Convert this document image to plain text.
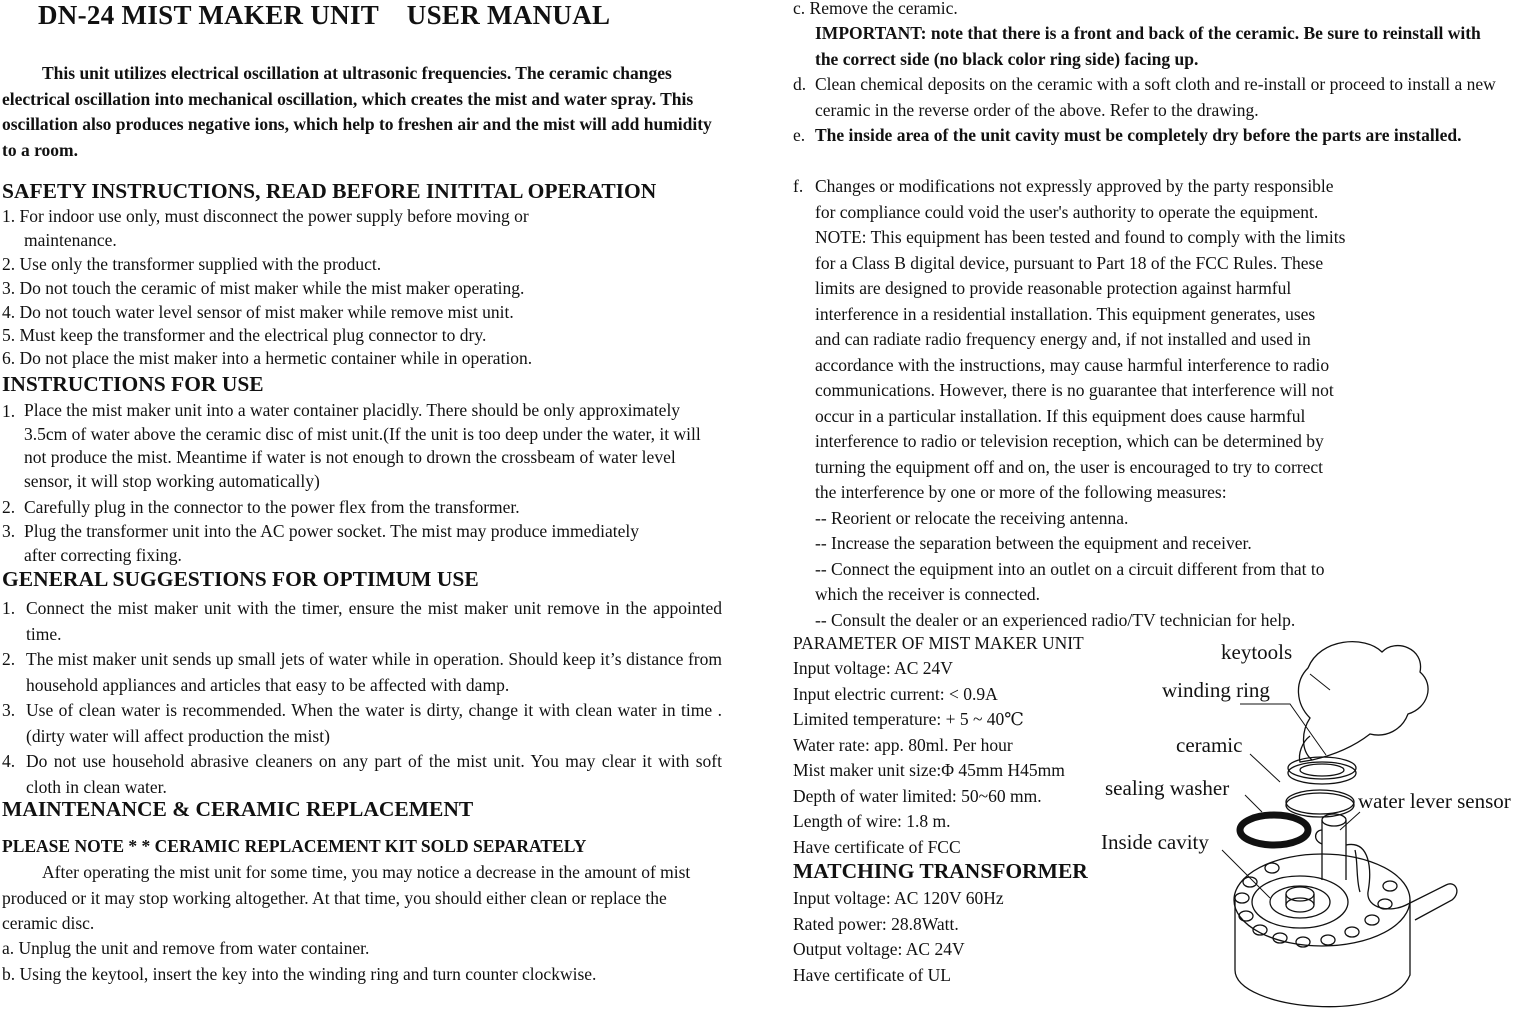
DN-24 MIST MAKER UNIT    USER MANUAL
This unit utilizes electrical oscillation at ultrasonic frequencies. The ceramic changes electrical oscillation into mechanical oscillation, which creates the mist and water spray. This oscillation also produces negative ions, which help to freshen air and the mist will add humidity to a room.
SAFETY INSTRUCTIONS, READ BEFORE INITITAL OPERATION
1. For indoor use only, must disconnect the power supply before moving or
maintenance.
2. Use only the transformer supplied with the product.
3. Do not touch the ceramic of mist maker while the mist maker operating.
4. Do not touch water level sensor of mist maker while remove mist unit.
5. Must keep the transformer and the electrical plug connector to dry.
6. Do not place the mist maker into a hermetic container while in operation.
INSTRUCTIONS FOR USE
1. Place the mist maker unit into a water container placidly. There should be only approximately 3.5cm of water above the ceramic disc of mist unit.(If the unit is too deep under the water, it will not produce the mist. Meantime if water is not enough to drown the crossbeam of water level sensor, it will stop working automatically)
2. Carefully plug in the connector to the power flex from the transformer.
3. Plug the transformer unit into the AC power socket. The mist may produce immediately after correcting fixing.
GENERAL SUGGESTIONS FOR OPTIMUM USE
1. Connect the mist maker unit with the timer, ensure the mist maker unit remove in the appointed time.
2. The mist maker unit sends up small jets of water while in operation. Should keep it’s distance from household appliances and articles that easy to be affected with damp.
3. Use of clean water is recommended. When the water is dirty, change it with clean water in time .(dirty water will affect production the mist)
4. Do not use household abrasive cleaners on any part of the mist unit. You may clear it with soft cloth in clean water.
MAINTENANCE & CERAMIC REPLACEMENT
PLEASE NOTE * * CERAMIC REPLACEMENT KIT SOLD SEPARATELY
After operating the mist unit for some time, you may notice a decrease in the amount of mist produced or it may stop working altogether. At that time, you should either clean or replace the ceramic disc.
a. Unplug the unit and remove from water container.
b. Using the keytool, insert the key into the winding ring and turn counter clockwise.
c. Remove the ceramic.
IMPORTANT: note that there is a front and back of the ceramic. Be sure to reinstall with the correct side (no black color ring side) facing up.
d. Clean chemical deposits on the ceramic with a soft cloth and re-install or proceed to install a new ceramic in the reverse order of the above. Refer to the drawing.
e. The inside area of the unit cavity must be completely dry before the parts are installed.
f. Changes or modifications not expressly approved by the party responsible
for compliance could void the user's authority to operate the equipment.
NOTE: This equipment has been tested and found to comply with the limits
for a Class B digital device, pursuant to Part 18 of the FCC Rules. These
limits are designed to provide reasonable protection against harmful
interference in a residential installation. This equipment generates, uses
and can radiate radio frequency energy and, if not installed and used in
accordance with the instructions, may cause harmful interference to radio
communications. However, there is no guarantee that interference will not
occur in a particular installation. If this equipment does cause harmful
interference to radio or television reception, which can be determined by
turning the equipment off and on, the user is encouraged to try to correct
the interference by one or more of the following measures:
-- Reorient or relocate the receiving antenna.
-- Increase the separation between the equipment and receiver.
-- Connect the equipment into an outlet on a circuit different from that to
which the receiver is connected.
-- Consult the dealer or an experienced radio/TV technician for help.
PARAMETER OF MIST MAKER UNIT
Input voltage: AC 24V
Input electric current: < 0.9A
Limited temperature: + 5 ~ 40℃
Water rate: app. 80ml. Per hour
Mist maker unit size:Φ 45mm H45mm
Depth of water limited: 50~60 mm.
Length of wire: 1.8 m.
Have certificate of FCC
MATCHING TRANSFORMER
Input voltage: AC 120V 60Hz
Rated power: 28.8Watt.
Output voltage: AC 24V
Have certificate of UL
keytools
winding ring
ceramic
sealing washer
water lever sensor
Inside cavity
